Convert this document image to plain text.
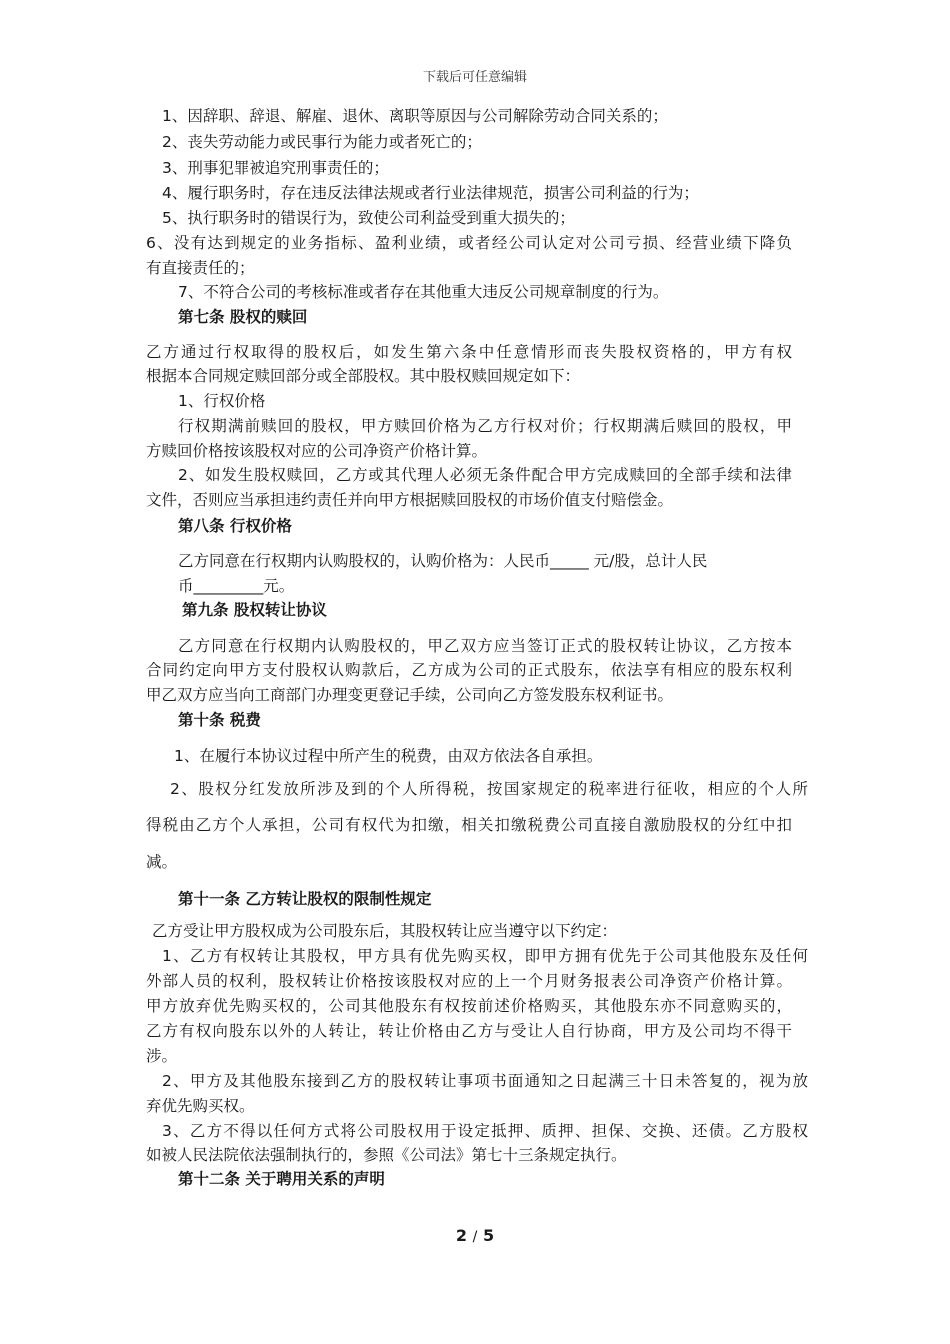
下载后可任意编辑
1、因辞职、辞退、解雇、退休、离职等原因与公司解除劳动合同关系的；
2、丧失劳动能力或民事行为能力或者死亡的；
3、刑事犯罪被追究刑事责任的；
4、履行职务时，存在违反法律法规或者行业法律规范，损害公司利益的行为；
5、执行职务时的错误行为，致使公司利益受到重大损失的；
6、没有达到规定的业务指标、盈利业绩，或者经公司认定对公司亏损、经营业绩下降负
有直接责任的；
7、不符合公司的考核标准或者存在其他重大违反公司规章制度的行为。
第七条 股权的赎回
乙方通过行权取得的股权后，如发生第六条中任意情形而丧失股权资格的，甲方有权
根据本合同规定赎回部分或全部股权。其中股权赎回规定如下：
1、行权价格
行权期满前赎回的股权，甲方赎回价格为乙方行权对价；行权期满后赎回的股权，甲
方赎回价格按该股权对应的公司净资产价格计算。
2、如发生股权赎回，乙方或其代理人必须无条件配合甲方完成赎回的全部手续和法律
文件，否则应当承担违约责任并向甲方根据赎回股权的市场价值支付赔偿金。
第八条 行权价格
乙方同意在行权期内认购股权的，认购价格为：人民币_____ 元/股，总计人民
币_________元。
第九条 股权转让协议
乙方同意在行权期内认购股权的，甲乙双方应当签订正式的股权转让协议，乙方按本
合同约定向甲方支付股权认购款后，乙方成为公司的正式股东，依法享有相应的股东权利
甲乙双方应当向工商部门办理变更登记手续，公司向乙方签发股东权利证书。
第十条 税费
1、在履行本协议过程中所产生的税费，由双方依法各自承担。
2、股权分红发放所涉及到的个人所得税，按国家规定的税率进行征收，相应的个人所
得税由乙方个人承担，公司有权代为扣缴，相关扣缴税费公司直接自激励股权的分红中扣
减。
第十一条 乙方转让股权的限制性规定
乙方受让甲方股权成为公司股东后，其股权转让应当遵守以下约定：
1、乙方有权转让其股权，甲方具有优先购买权，即甲方拥有优先于公司其他股东及任何
外部人员的权利，股权转让价格按该股权对应的上一个月财务报表公司净资产价格计算。
甲方放弃优先购买权的，公司其他股东有权按前述价格购买，其他股东亦不同意购买的，
乙方有权向股东以外的人转让，转让价格由乙方与受让人自行协商，甲方及公司均不得干
涉。
2、甲方及其他股东接到乙方的股权转让事项书面通知之日起满三十日未答复的，视为放
弃优先购买权。
3、乙方不得以任何方式将公司股权用于设定抵押、质押、担保、交换、还债。乙方股权
如被人民法院依法强制执行的，参照《公司法》第七十三条规定执行。
第十二条 关于聘用关系的声明
2 / 5
